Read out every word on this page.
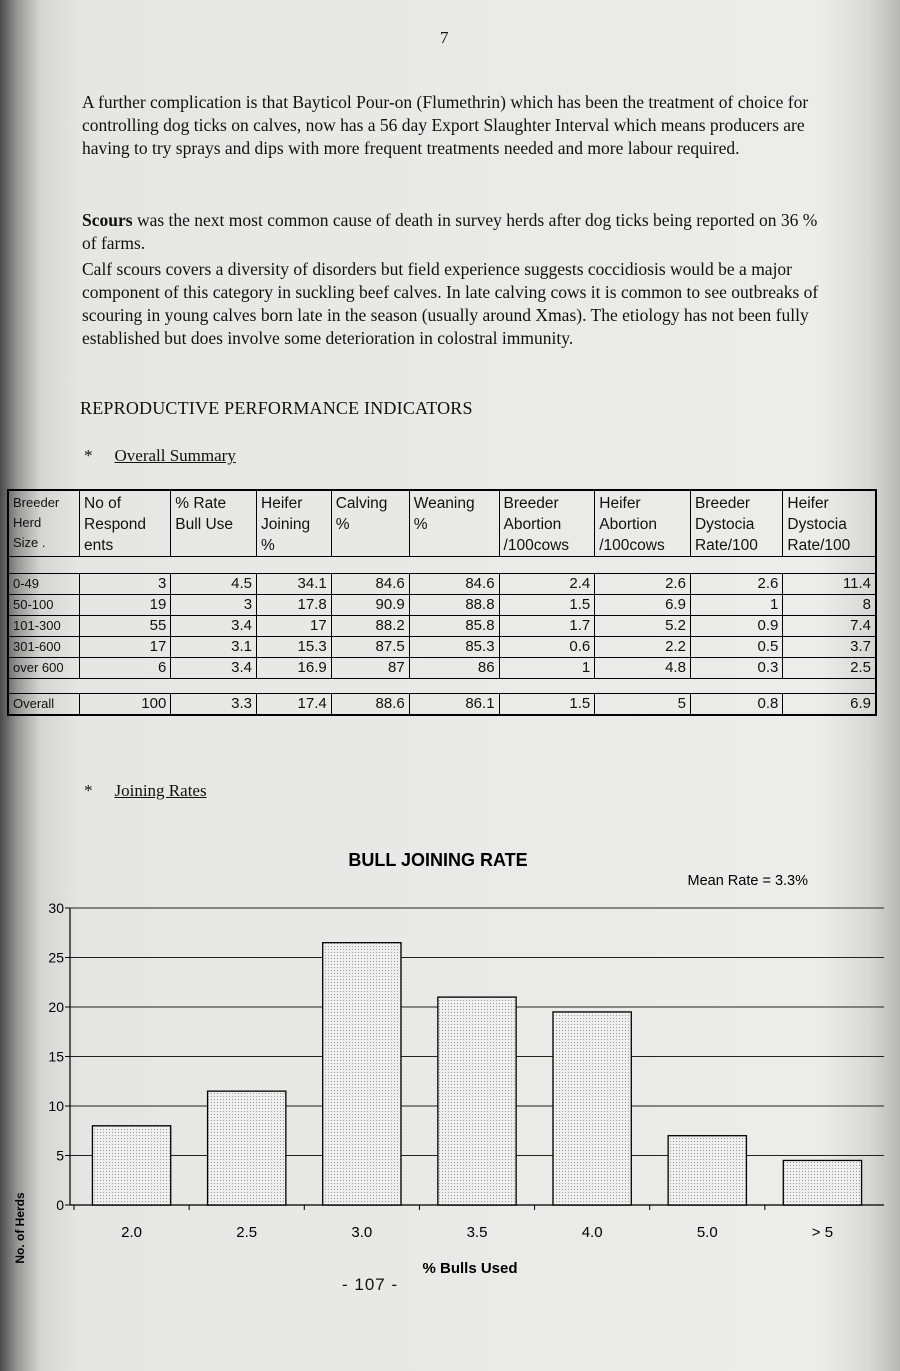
7

A further complication is that Bayticol Pour-on (Flumethrin) which has been the treatment of choice for controlling dog ticks on calves, now has a 56 day Export Slaughter Interval which means producers are having to try sprays and dips with more frequent treatments needed and more labour required.

Scours was the next most common cause of death in survey herds after dog ticks being reported on 36 % of farms.

Calf scours covers a diversity of disorders but field experience suggests coccidiosis would be a major component of this category in suckling beef calves. In late calving cows it is common to see outbreaks of scouring in young calves born late in the season (usually around Xmas). The etiology has not been fully established but does involve some deterioration in colostral immunity.

REPRODUCTIVE PERFORMANCE INDICATORS
* Overall Summary
Breeder
Herd
Size .	No of
Respond
ents	% Rate
Bull Use	Heifer
Joining
%	Calving
%	Weaning
%	Breeder
Abortion
/100cows	Heifer
Abortion
/100cows	Breeder
Dystocia
Rate/100	Heifer
Dystocia
Rate/100

0-49	3	4.5	34.1	84.6	84.6	2.4	2.6	2.6	11.4
50-100	19	3	17.8	90.9	88.8	1.5	6.9	1	8
101-300	55	3.4	17	88.2	85.8	1.7	5.2	0.9	7.4
301-600	17	3.1	15.3	87.5	85.3	0.6	2.2	0.5	3.7
over 600	6	3.4	16.9	87	86	1	4.8	0.3	2.5

Overall	100	3.3	17.4	88.6	86.1	1.5	5	0.8	6.9
* Joining Rates
BULL JOINING RATE
Mean Rate = 3.3%
No. of Herds
% Bulls Used
0
5
10
15
20
25
30
2.0	2.5	3.0	3.5	4.0	5.0	> 5
- 107 -
